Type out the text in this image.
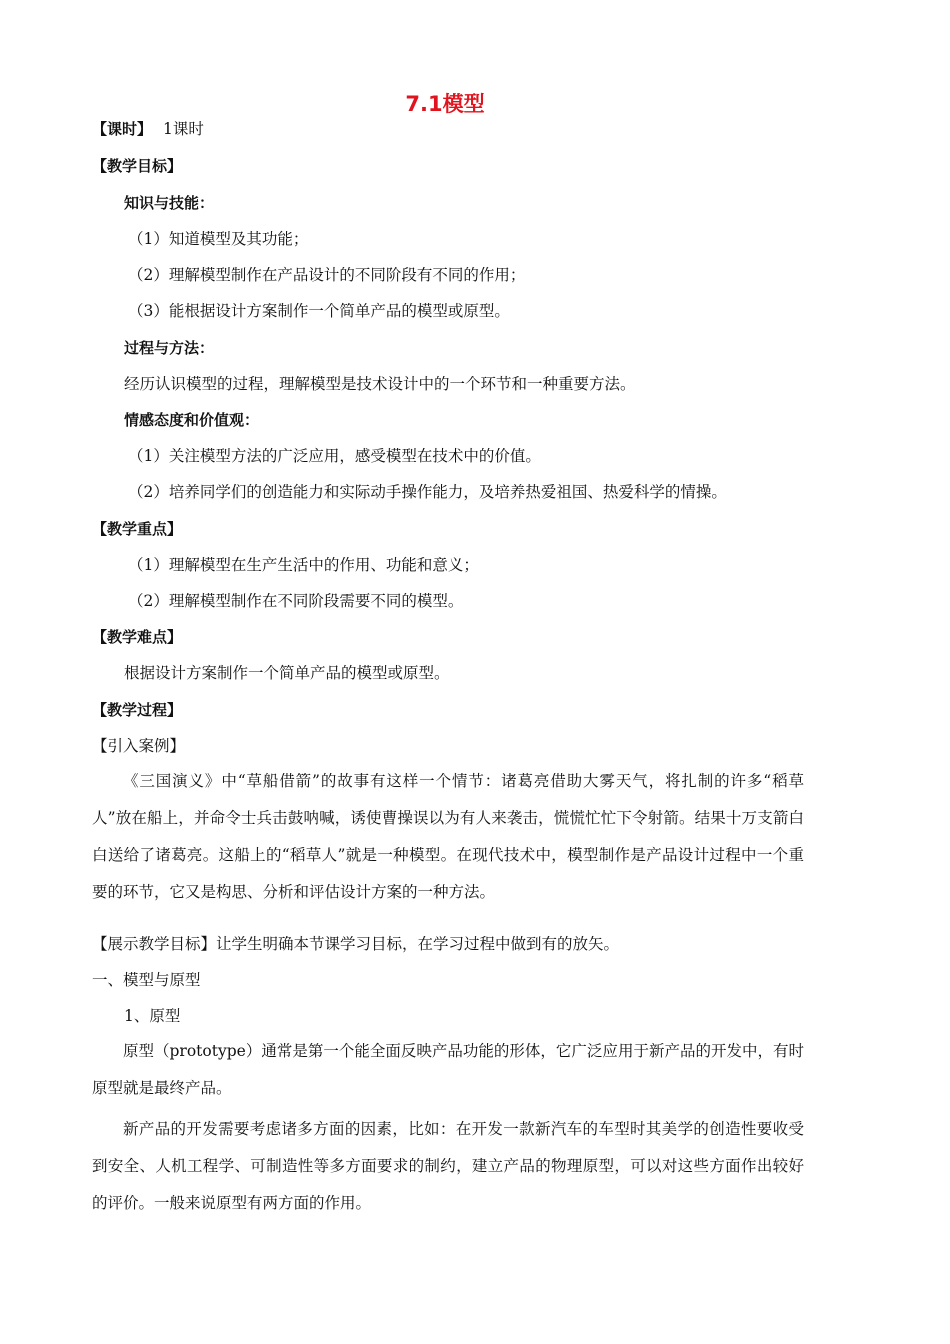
7.1模型
【课时】 1课时
【教学目标】
知识与技能：
（1）知道模型及其功能；
（2）理解模型制作在产品设计的不同阶段有不同的作用；
（3）能根据设计方案制作一个简单产品的模型或原型。
过程与方法：
经历认识模型的过程，理解模型是技术设计中的一个环节和一种重要方法。
情感态度和价值观：
（1）关注模型方法的广泛应用，感受模型在技术中的价值。
（2）培养同学们的创造能力和实际动手操作能力，及培养热爱祖国、热爱科学的情操。
【教学重点】
（1）理解模型在生产生活中的作用、功能和意义；
（2）理解模型制作在不同阶段需要不同的模型。
【教学难点】
根据设计方案制作一个简单产品的模型或原型。
【教学过程】
【引入案例】
《三国演义》中“草船借箭”的故事有这样一个情节：诸葛亮借助大雾天气，将扎制的许多“稻草人”放在船上，并命令士兵击鼓呐喊，诱使曹操误以为有人来袭击，慌慌忙忙下令射箭。结果十万支箭白白送给了诸葛亮。这船上的“稻草人”就是一种模型。在现代技术中，模型制作是产品设计过程中一个重要的环节，它又是构思、分析和评估设计方案的一种方法。
【展示教学目标】让学生明确本节课学习目标，在学习过程中做到有的放矢。
一、模型与原型
1、原型
原型（prototype）通常是第一个能全面反映产品功能的形体，它广泛应用于新产品的开发中，有时原型就是最终产品。
新产品的开发需要考虑诸多方面的因素，比如：在开发一款新汽车的车型时其美学的创造性要收受到安全、人机工程学、可制造性等多方面要求的制约，建立产品的物理原型，可以对这些方面作出较好的评价。一般来说原型有两方面的作用。
